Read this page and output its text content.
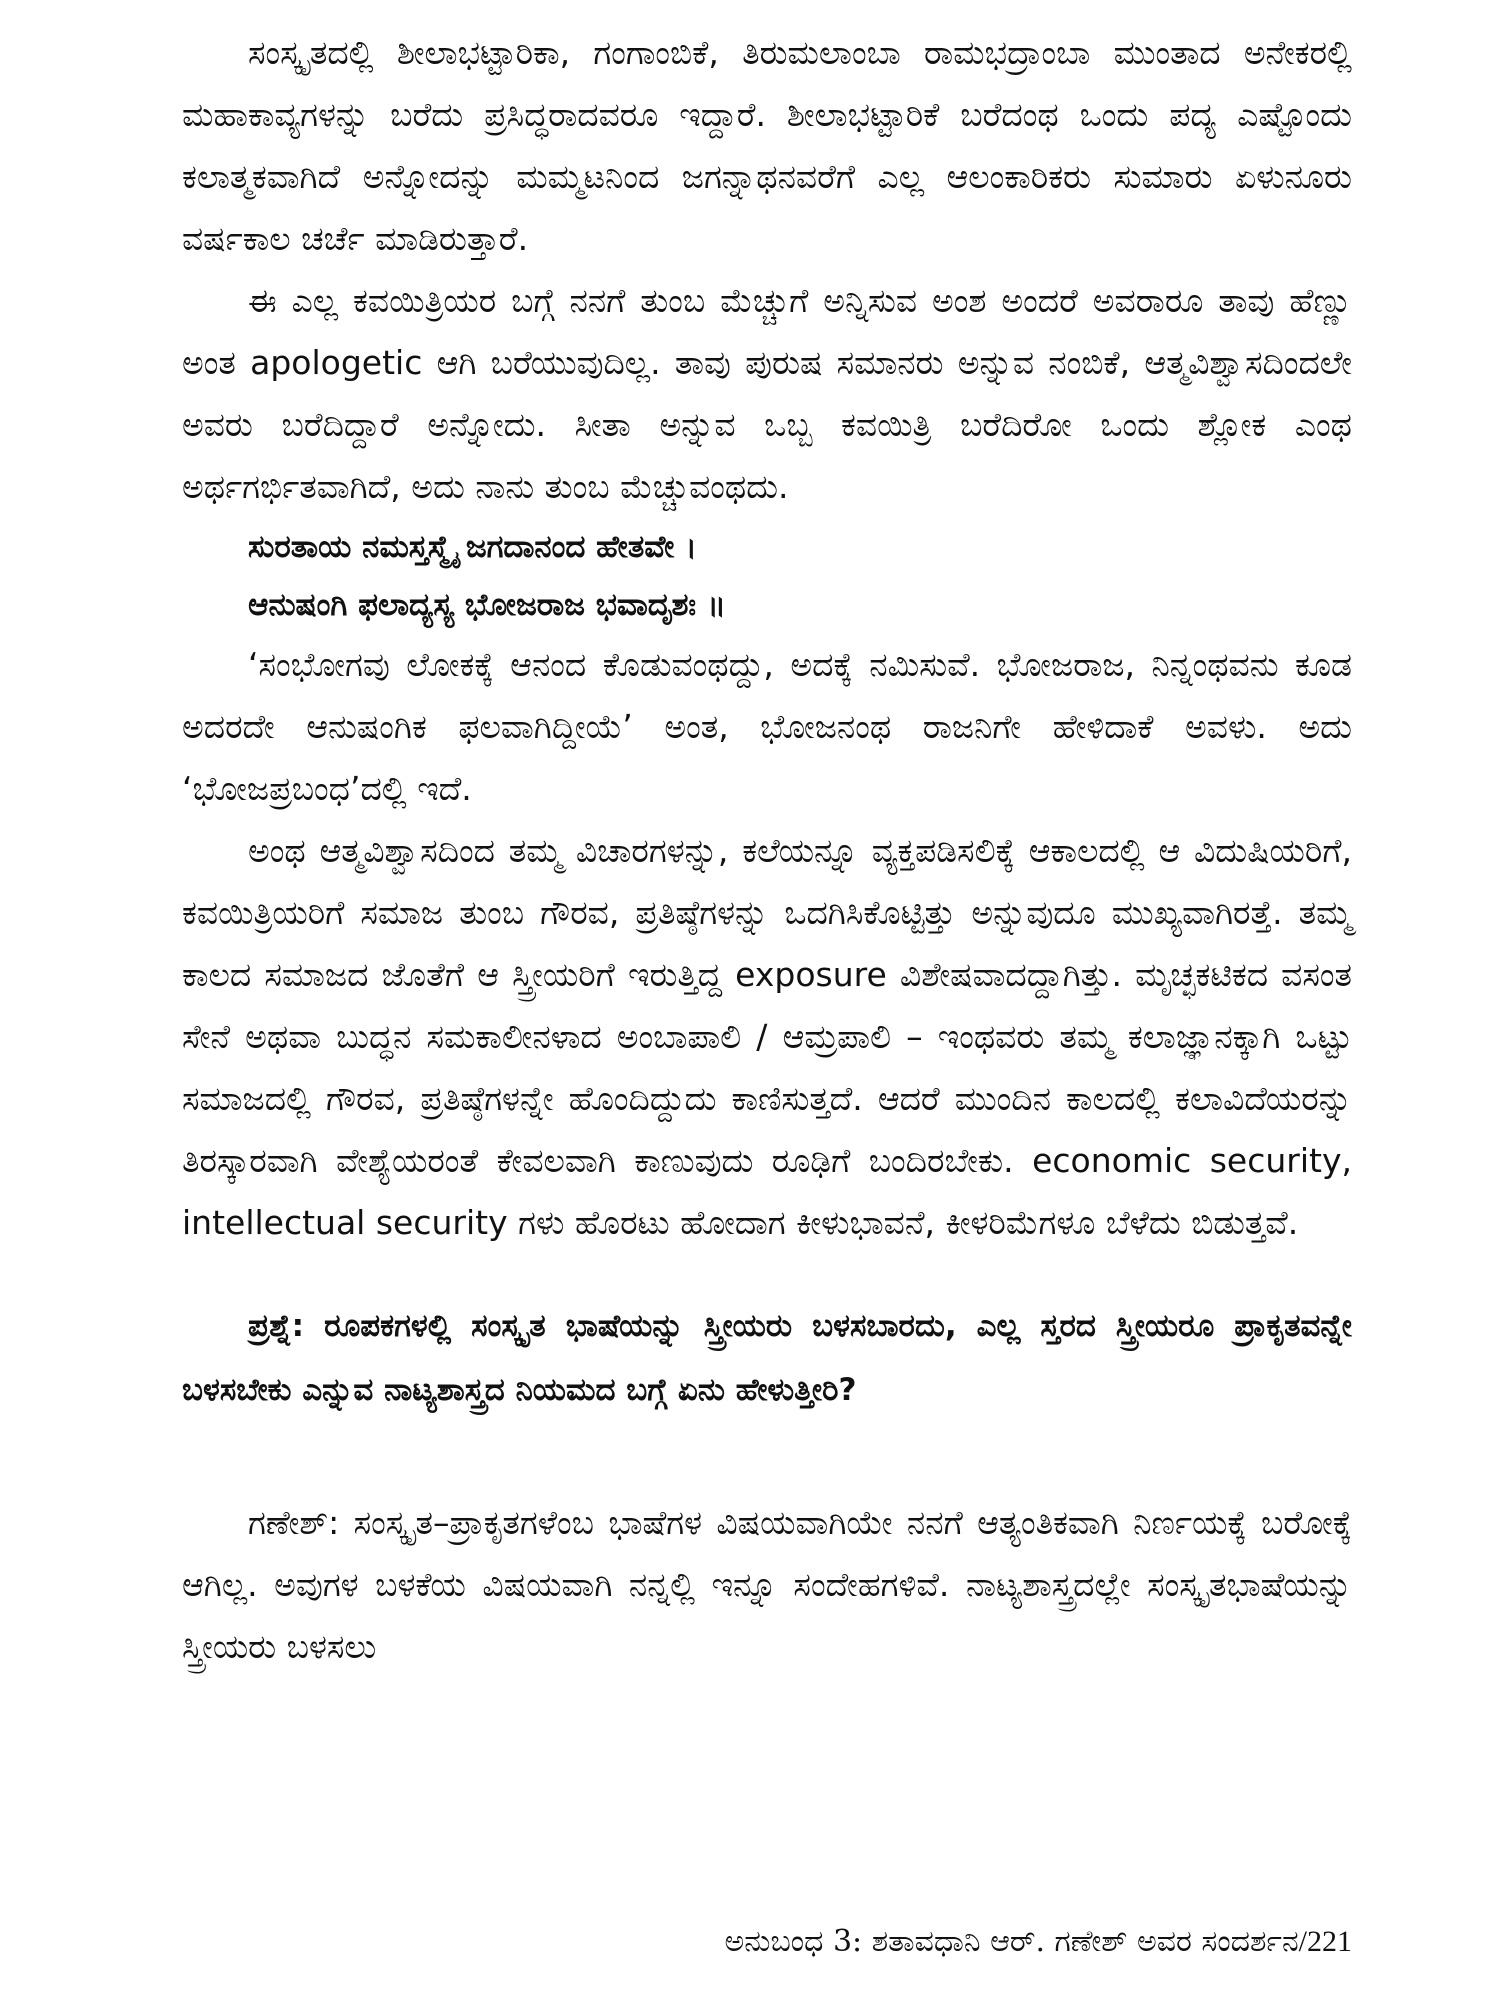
ಸಂಸ್ಕೃತದಲ್ಲಿ ಶೀಲಾಭಟ್ಟಾರಿಕಾ, ಗಂಗಾಂಬಿಕೆ, ತಿರುಮಲಾಂಬಾ ರಾಮಭದ್ರಾಂಬಾ ಮುಂತಾದ ಅನೇಕರಲ್ಲಿ ಮಹಾಕಾವ್ಯಗಳನ್ನು ಬರೆದು ಪ್ರಸಿದ್ಧರಾದವರೂ ಇದ್ದಾರೆ. ಶೀಲಾಭಟ್ಟಾರಿಕೆ ಬರೆದಂಥ ಒಂದು ಪದ್ಯ ಎಷ್ಟೊಂದು ಕಲಾತ್ಮಕವಾಗಿದೆ ಅನ್ನೋದನ್ನು ಮಮ್ಮಟನಿಂದ ಜಗನ್ನಾಥನವರೆಗೆ ಎಲ್ಲ ಆಲಂಕಾರಿಕರು ಸುಮಾರು ಏಳುನೂರು ವರ್ಷಕಾಲ ಚರ್ಚೆ ಮಾಡಿರುತ್ತಾರೆ.

ಈ ಎಲ್ಲ ಕವಯಿತ್ರಿಯರ ಬಗ್ಗೆ ನನಗೆ ತುಂಬ ಮೆಚ್ಚುಗೆ ಅನ್ನಿಸುವ ಅಂಶ ಅಂದರೆ ಅವರಾರೂ ತಾವು ಹೆಣ್ಣು ಅಂತ apologetic ಆಗಿ ಬರೆಯುವುದಿಲ್ಲ. ತಾವು ಪುರುಷ ಸಮಾನರು ಅನ್ನುವ ನಂಬಿಕೆ, ಆತ್ಮವಿಶ್ವಾಸದಿಂದಲೇ ಅವರು ಬರೆದಿದ್ದಾರೆ ಅನ್ನೋದು. ಸೀತಾ ಅನ್ನುವ ಒಬ್ಬ ಕವಯಿತ್ರಿ ಬರೆದಿರೋ ಒಂದು ಶ್ಲೋಕ ಎಂಥ ಅರ್ಥಗರ್ಭಿತವಾಗಿದೆ, ಅದು ನಾನು ತುಂಬ ಮೆಚ್ಚುವಂಥದು.

ಸುರತಾಯ ನಮಸ್ತಸ್ಮೈ ಜಗದಾನಂದ ಹೇತವೇ ।

ಆನುಷಂಗಿ ಫಲಾದ್ಯಸ್ಯ ಭೋಜರಾಜ ಭವಾದೃಶಃ ॥

‘ಸಂಭೋಗವು ಲೋಕಕ್ಕೆ ಆನಂದ ಕೊಡುವಂಥದ್ದು, ಅದಕ್ಕೆ ನಮಿಸುವೆ. ಭೋಜರಾಜ, ನಿನ್ನಂಥವನು ಕೂಡ ಅದರದೇ ಆನುಷಂಗಿಕ ಫಲವಾಗಿದ್ದೀಯೆ’ ಅಂತ, ಭೋಜನಂಥ ರಾಜನಿಗೇ ಹೇಳಿದಾಕೆ ಅವಳು. ಅದು ‘ಭೋಜಪ್ರಬಂಧ’ದಲ್ಲಿ ಇದೆ.

ಅಂಥ ಆತ್ಮವಿಶ್ವಾಸದಿಂದ ತಮ್ಮ ವಿಚಾರಗಳನ್ನು, ಕಲೆಯನ್ನೂ ವ್ಯಕ್ತಪಡಿಸಲಿಕ್ಕೆ ಆಕಾಲದಲ್ಲಿ ಆ ವಿದುಷಿಯರಿಗೆ, ಕವಯಿತ್ರಿಯರಿಗೆ ಸಮಾಜ ತುಂಬ ಗೌರವ, ಪ್ರತಿಷ್ಠೆಗಳನ್ನು ಒದಗಿಸಿಕೊಟ್ಟಿತ್ತು ಅನ್ನುವುದೂ ಮುಖ್ಯವಾಗಿರತ್ತೆ. ತಮ್ಮ ಕಾಲದ ಸಮಾಜದ ಜೊತೆಗೆ ಆ ಸ್ತ್ರೀಯರಿಗೆ ಇರುತ್ತಿದ್ದ exposure ವಿಶೇಷವಾದದ್ದಾಗಿತ್ತು. ಮೃಚ್ಛಕಟಿಕದ ವಸಂತ ಸೇನೆ ಅಥವಾ ಬುದ್ಧನ ಸಮಕಾಲೀನಳಾದ ಅಂಬಾಪಾಲಿ / ಆಮ್ರಪಾಲಿ – ಇಂಥವರು ತಮ್ಮ ಕಲಾಜ್ಞಾನಕ್ಕಾಗಿ ಒಟ್ಟು ಸಮಾಜದಲ್ಲಿ ಗೌರವ, ಪ್ರತಿಷ್ಠೆಗಳನ್ನೇ ಹೊಂದಿದ್ದುದು ಕಾಣಿಸುತ್ತದೆ. ಆದರೆ ಮುಂದಿನ ಕಾಲದಲ್ಲಿ ಕಲಾವಿದೆಯರನ್ನು ತಿರಸ್ಕಾರವಾಗಿ ವೇಶ್ಯೆಯರಂತೆ ಕೇವಲವಾಗಿ ಕಾಣುವುದು ರೂಢಿಗೆ ಬಂದಿರಬೇಕು. economic security, intellectual security ಗಳು ಹೊರಟು ಹೋದಾಗ ಕೀಳುಭಾವನೆ, ಕೀಳರಿಮೆಗಳೂ ಬೆಳೆದು ಬಿಡುತ್ತವೆ.

ಪ್ರಶ್ನೆ: ರೂಪಕಗಳಲ್ಲಿ ಸಂಸ್ಕೃತ ಭಾಷೆಯನ್ನು ಸ್ತ್ರೀಯರು ಬಳಸಬಾರದು, ಎಲ್ಲ ಸ್ತರದ ಸ್ತ್ರೀಯರೂ ಪ್ರಾಕೃತವನ್ನೇ ಬಳಸಬೇಕು ಎನ್ನುವ ನಾಟ್ಯಶಾಸ್ತ್ರದ ನಿಯಮದ ಬಗ್ಗೆ ಏನು ಹೇಳುತ್ತೀರಿ?

ಗಣೇಶ್: ಸಂಸ್ಕೃತ–ಪ್ರಾಕೃತಗಳೆಂಬ ಭಾಷೆಗಳ ವಿಷಯವಾಗಿಯೇ ನನಗೆ ಆತ್ಯಂತಿಕವಾಗಿ ನಿರ್ಣಯಕ್ಕೆ ಬರೋಕ್ಕೆ ಆಗಿಲ್ಲ. ಅವುಗಳ ಬಳಕೆಯ ವಿಷಯವಾಗಿ ನನ್ನಲ್ಲಿ ಇನ್ನೂ ಸಂದೇಹಗಳಿವೆ. ನಾಟ್ಯಶಾಸ್ತ್ರದಲ್ಲೇ ಸಂಸ್ಕೃತಭಾಷೆಯನ್ನು ಸ್ತ್ರೀಯರು ಬಳಸಲು

ಅನುಬಂಧ 3: ಶತಾವಧಾನಿ ಆರ್. ಗಣೇಶ್ ಅವರ ಸಂದರ್ಶನ/221
